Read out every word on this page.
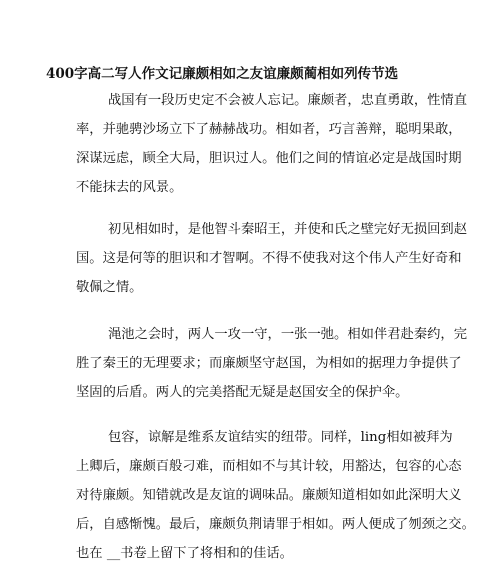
400字高二写人作文记廉颇相如之友谊廉颇蔺相如列传节选

战国有一段历史定不会被人忘记。廉颇者，忠直勇敢，性情直
率，并驰骋沙场立下了赫赫战功。相如者，巧言善辩，聪明果敢，
深谋远虑，顾全大局，胆识过人。他们之间的情谊必定是战国时期
不能抹去的风景。

初见相如时，是他智斗秦昭王，并使和氏之壁完好无损回到赵
国。这是何等的胆识和才智啊。不得不使我对这个伟人产生好奇和
敬佩之情。

渑池之会时，两人一攻一守，一张一弛。相如伴君赴秦约，完
胜了秦王的无理要求；而廉颇坚守赵国，为相如的据理力争提供了
坚固的后盾。两人的完美搭配无疑是赵国安全的保护伞。

包容，谅解是维系友谊结实的纽带。同样，ling相如被拜为
上卿后，廉颇百般刁难，而相如不与其计较，用豁达，包容的心态
对待廉颇。知错就改是友谊的调味品。廉颇知道相如如此深明大义
后，自感惭愧。最后，廉颇负荆请罪于相如。两人便成了刎颈之交。
也在 __书卷上留下了将相和的佳话。
